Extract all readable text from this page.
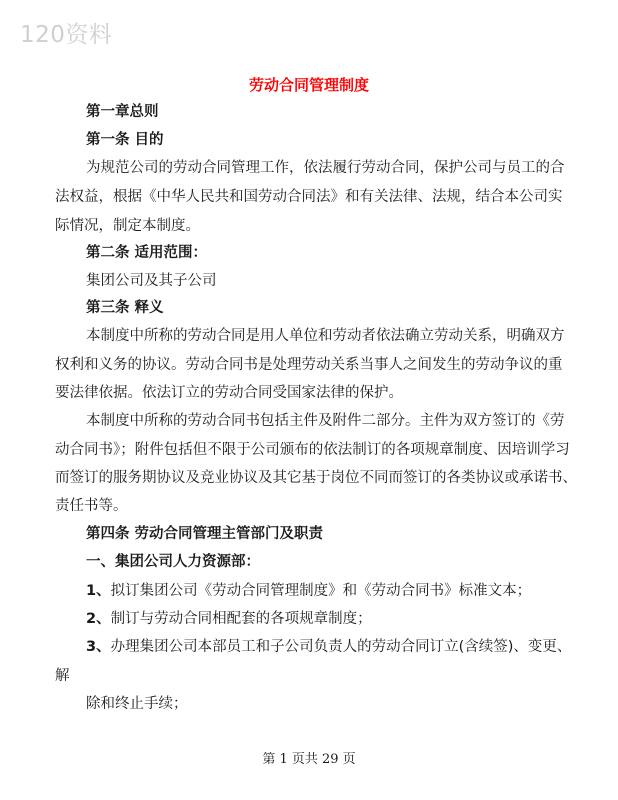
120资料
劳动合同管理制度
第一章总则
第一条 目的
为规范公司的劳动合同管理工作，依法履行劳动合同，保护公司与员工的合
法权益，根据《中华人民共和国劳动合同法》和有关法律、法规，结合本公司实
际情况，制定本制度。
第二条 适用范围：
集团公司及其子公司
第三条 释义
本制度中所称的劳动合同是用人单位和劳动者依法确立劳动关系，明确双方
权利和义务的协议。劳动合同书是处理劳动关系当事人之间发生的劳动争议的重
要法律依据。依法订立的劳动合同受国家法律的保护。
本制度中所称的劳动合同书包括主件及附件二部分。主件为双方签订的《劳
动合同书》；附件包括但不限于公司颁布的依法制订的各项规章制度、因培训学习
而签订的服务期协议及竞业协议及其它基于岗位不同而签订的各类协议或承诺书、
责任书等。
第四条 劳动合同管理主管部门及职责
一、集团公司人力资源部：
1、拟订集团公司《劳动合同管理制度》和《劳动合同书》标准文本；
2、制订与劳动合同相配套的各项规章制度；
3、办理集团公司本部员工和子公司负责人的劳动合同订立(含续签)、变更、
解
除和终止手续；
第 1 页共 29 页
